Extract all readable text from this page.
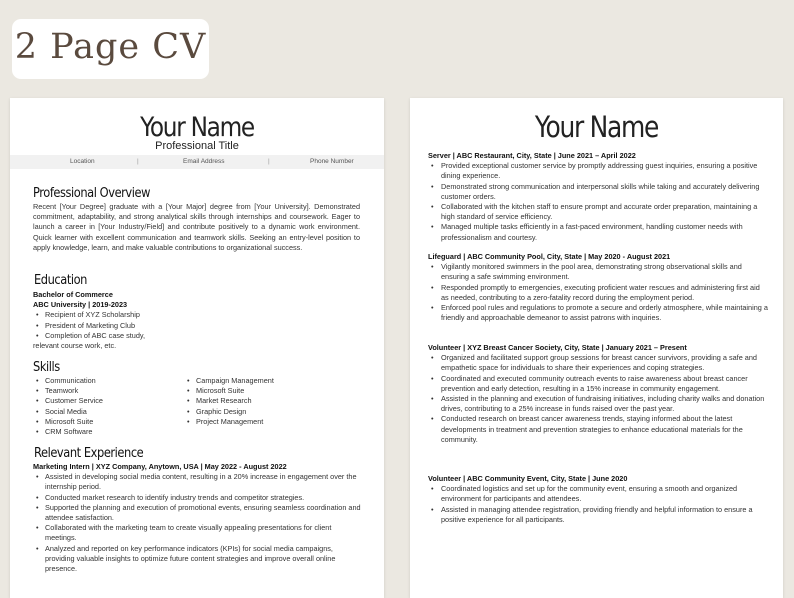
2 Page CV
Your Name
Professional Title
Location	|	Email Address	|	Phone Number
Professional Overview
Recent [Your Degree] graduate with a [Your Major] degree from [Your University]. Demonstrated commitment, adaptability, and strong analytical skills through internships and coursework. Eager to launch a career in [Your Industry/Field] and contribute positively to a dynamic work environment. Quick learner with excellent communication and teamwork skills. Seeking an entry-level position to apply knowledge, learn, and make valuable contributions to organizational success.
Education
Bachelor of Commerce
ABC University | 2019-2023
• Recipient of XYZ Scholarship
• President of Marketing Club
• Completion of ABC case study,
relevant course work, etc.
Skills
• Communication
• Teamwork
• Customer Service
• Social Media
• Microsoft Suite
• CRM Software
• Campaign Management
• Microsoft Suite
• Market Research
• Graphic Design
• Project Management
Relevant Experience
Marketing Intern | XYZ Company, Anytown, USA | May 2022 - August 2022
• Assisted in developing social media content, resulting in a 20% increase in engagement over the internship period.
• Conducted market research to identify industry trends and competitor strategies.
• Supported the planning and execution of promotional events, ensuring seamless coordination and attendee satisfaction.
• Collaborated with the marketing team to create visually appealing presentations for client meetings.
• Analyzed and reported on key performance indicators (KPIs) for social media campaigns, providing valuable insights to optimize future content strategies and improve overall online presence.
Your Name
Server | ABC Restaurant, City, State | June 2021 – April 2022
• Provided exceptional customer service by promptly addressing guest inquiries, ensuring a positive dining experience.
• Demonstrated strong communication and interpersonal skills while taking and accurately delivering customer orders.
• Collaborated with the kitchen staff to ensure prompt and accurate order preparation, maintaining a high standard of service efficiency.
• Managed multiple tasks efficiently in a fast-paced environment, handling customer needs with professionalism and courtesy.
Lifeguard | ABC Community Pool, City, State | May 2020 - August 2021
• Vigilantly monitored swimmers in the pool area, demonstrating strong observational skills and ensuring a safe swimming environment.
• Responded promptly to emergencies, executing proficient water rescues and administering first aid as needed, contributing to a zero-fatality record during the employment period.
• Enforced pool rules and regulations to promote a secure and orderly atmosphere, while maintaining a friendly and approachable demeanor to assist patrons with inquiries.
Volunteer | XYZ Breast Cancer Society, City, State | January 2021 – Present
• Organized and facilitated support group sessions for breast cancer survivors, providing a safe and empathetic space for individuals to share their experiences and coping strategies.
• Coordinated and executed community outreach events to raise awareness about breast cancer prevention and early detection, resulting in a 15% increase in community engagement.
• Assisted in the planning and execution of fundraising initiatives, including charity walks and donation drives, contributing to a 25% increase in funds raised over the past year.
• Conducted research on breast cancer awareness trends, staying informed about the latest developments in treatment and prevention strategies to enhance educational materials for the community.
Volunteer | ABC Community Event, City, State | June 2020
• Coordinated logistics and set up for the community event, ensuring a smooth and organized environment for participants and attendees.
• Assisted in managing attendee registration, providing friendly and helpful information to ensure a positive experience for all participants.
